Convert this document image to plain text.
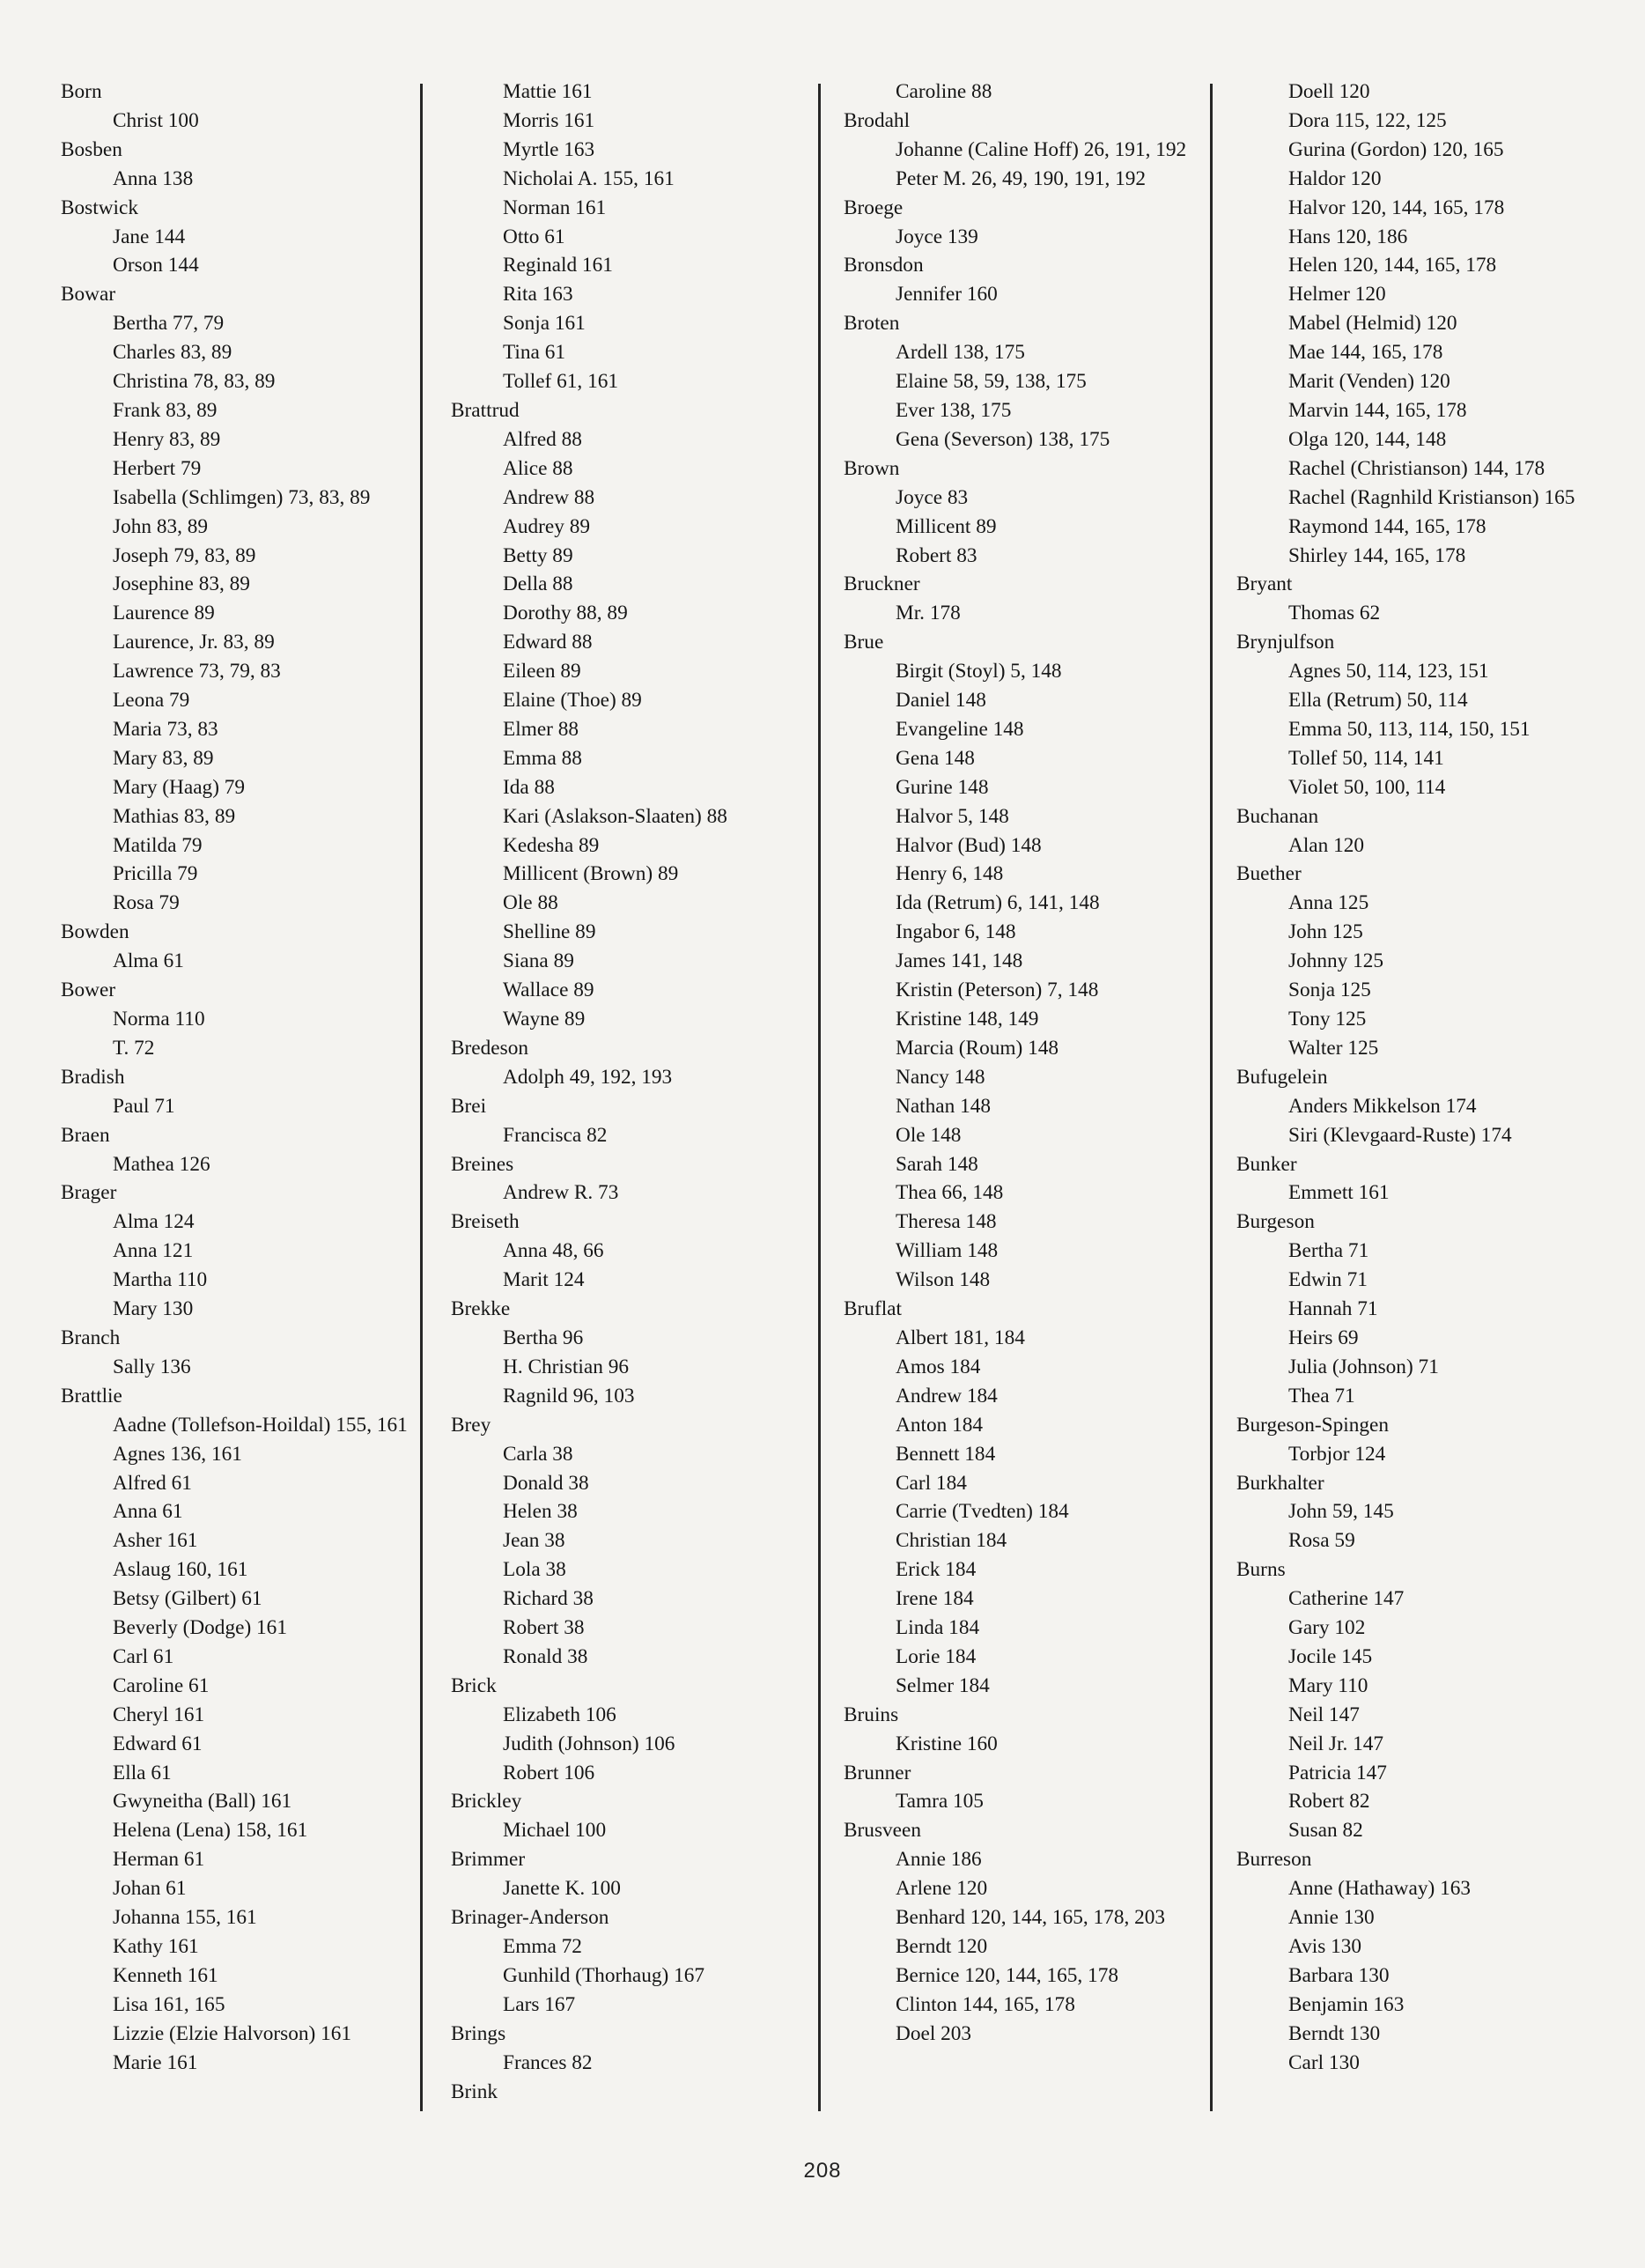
Born

Christ 100

Bosben

Anna 138

Bostwick

Jane 144

Orson 144

Bowar

Bertha 77, 79

Charles 83, 89

Christina 78, 83, 89

Frank 83, 89

Henry 83, 89

Herbert 79

Isabella (Schlimgen) 73, 83, 89

John 83, 89

Joseph 79, 83, 89

Josephine 83, 89

Laurence 89

Laurence, Jr. 83, 89

Lawrence 73, 79, 83

Leona 79

Maria 73, 83

Mary 83, 89

Mary (Haag) 79

Mathias 83, 89

Matilda 79

Pricilla 79

Rosa 79

Bowden

Alma 61

Bower

Norma 110

T. 72

Bradish

Paul 71

Braen

Mathea 126

Brager

Alma 124

Anna 121

Martha 110

Mary 130

Branch

Sally 136

Brattlie

Aadne (Tollefson-Hoildal) 155, 161

Agnes 136, 161

Alfred 61

Anna 61

Asher 161

Aslaug 160, 161

Betsy (Gilbert) 61

Beverly (Dodge) 161

Carl 61

Caroline 61

Cheryl 161

Edward 61

Ella 61

Gwyneitha (Ball) 161

Helena (Lena) 158, 161

Herman 61

Johan 61

Johanna 155, 161

Kathy 161

Kenneth 161

Lisa 161, 165

Lizzie (Elzie Halvorson) 161

Marie 161

Mattie 161

Morris 161

Myrtle 163

Nicholai A. 155, 161

Norman 161

Otto 61

Reginald 161

Rita 163

Sonja 161

Tina 61

Tollef 61, 161

Brattrud

Alfred 88

Alice 88

Andrew 88

Audrey 89

Betty 89

Della 88

Dorothy 88, 89

Edward 88

Eileen 89

Elaine (Thoe) 89

Elmer 88

Emma 88

Ida 88

Kari (Aslakson-Slaaten) 88

Kedesha 89

Millicent (Brown) 89

Ole 88

Shelline 89

Siana 89

Wallace 89

Wayne 89

Bredeson

Adolph 49, 192, 193

Brei

Francisca 82

Breines

Andrew R. 73

Breiseth

Anna 48, 66

Marit 124

Brekke

Bertha 96

H. Christian 96

Ragnild 96, 103

Brey

Carla 38

Donald 38

Helen 38

Jean 38

Lola 38

Richard 38

Robert 38

Ronald 38

Brick

Elizabeth 106

Judith (Johnson) 106

Robert 106

Brickley

Michael 100

Brimmer

Janette K. 100

Brinager-Anderson

Emma 72

Gunhild (Thorhaug) 167

Lars 167

Brings

Frances 82

Brink

Caroline 88

Brodahl

Johanne (Caline Hoff) 26, 191, 192

Peter M. 26, 49, 190, 191, 192

Broege

Joyce 139

Bronsdon

Jennifer 160

Broten

Ardell 138, 175

Elaine 58, 59, 138, 175

Ever 138, 175

Gena (Severson) 138, 175

Brown

Joyce 83

Millicent 89

Robert 83

Bruckner

Mr. 178

Brue

Birgit (Stoyl) 5, 148

Daniel 148

Evangeline 148

Gena 148

Gurine 148

Halvor 5, 148

Halvor (Bud) 148

Henry 6, 148

Ida (Retrum) 6, 141, 148

Ingabor 6, 148

James 141, 148

Kristin (Peterson) 7, 148

Kristine 148, 149

Marcia (Roum) 148

Nancy 148

Nathan 148

Ole 148

Sarah 148

Thea 66, 148

Theresa 148

William 148

Wilson 148

Bruflat

Albert 181, 184

Amos 184

Andrew 184

Anton 184

Bennett 184

Carl 184

Carrie (Tvedten) 184

Christian 184

Erick 184

Irene 184

Linda 184

Lorie 184

Selmer 184

Bruins

Kristine 160

Brunner

Tamra 105

Brusveen

Annie 186

Arlene 120

Benhard 120, 144, 165, 178, 203

Berndt 120

Bernice 120, 144, 165, 178

Clinton 144, 165, 178

Doel 203

Doell 120

Dora 115, 122, 125

Gurina (Gordon) 120, 165

Haldor 120

Halvor 120, 144, 165, 178

Hans 120, 186

Helen 120, 144, 165, 178

Helmer 120

Mabel (Helmid) 120

Mae 144, 165, 178

Marit (Venden) 120

Marvin 144, 165, 178

Olga 120, 144, 148

Rachel (Christianson) 144, 178

Rachel (Ragnhild Kristianson) 165

Raymond 144, 165, 178

Shirley 144, 165, 178

Bryant

Thomas 62

Brynjulfson

Agnes 50, 114, 123, 151

Ella (Retrum) 50, 114

Emma 50, 113, 114, 150, 151

Tollef 50, 114, 141

Violet 50, 100, 114

Buchanan

Alan 120

Buether

Anna 125

John 125

Johnny 125

Sonja 125

Tony 125

Walter 125

Bufugelein

Anders Mikkelson 174

Siri (Klevgaard-Ruste) 174

Bunker

Emmett 161

Burgeson

Bertha 71

Edwin 71

Hannah 71

Heirs 69

Julia (Johnson) 71

Thea 71

Burgeson-Spingen

Torbjor 124

Burkhalter

John 59, 145

Rosa 59

Burns

Catherine 147

Gary 102

Jocile 145

Mary 110

Neil 147

Neil Jr. 147

Patricia 147

Robert 82

Susan 82

Burreson

Anne (Hathaway) 163

Annie 130

Avis 130

Barbara 130

Benjamin 163

Berndt 130

Carl 130

208
